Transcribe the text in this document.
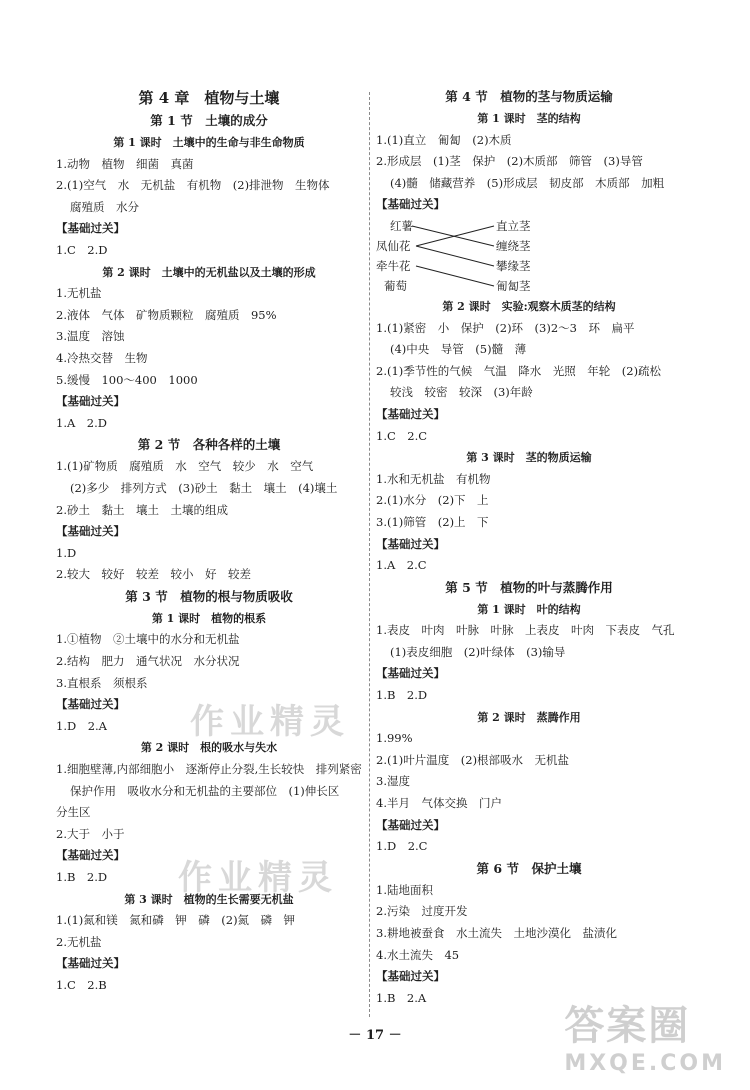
第 4 章　植物与土壤
第 1 节　土壤的成分
第 1 课时　土壤中的生命与非生命物质
1.动物　植物　细菌　真菌
2.(1)空气　水　无机盐　有机物　(2)排泄物　生物体
腐殖质　水分
【基础过关】
1.C　2.D
第 2 课时　土壤中的无机盐以及土壤的形成
1.无机盐
2.液体　气体　矿物质颗粒　腐殖质　95%
3.温度　溶蚀
4.冷热交替　生物
5.缓慢　100～400　1000
【基础过关】
1.A　2.D
第 2 节　各种各样的土壤
1.(1)矿物质　腐殖质　水　空气　较少　水　空气
(2)多少　排列方式　(3)砂土　黏土　壤土　(4)壤土
2.砂土　黏土　壤土　土壤的组成
【基础过关】
1.D
2.较大　较好　较差　较小　好　较差
第 3 节　植物的根与物质吸收
第 1 课时　植物的根系
1.①植物　②土壤中的水分和无机盐
2.结构　肥力　通气状况　水分状况
3.直根系　须根系
【基础过关】
1.D　2.A
第 2 课时　根的吸水与失水
1.细胞壁薄,内部细胞小　逐渐停止分裂,生长较快　排列紧密
保护作用　吸收水分和无机盐的主要部位　(1)伸长区
分生区
2.大于　小于
【基础过关】
1.B　2.D
第 3 课时　植物的生长需要无机盐
1.(1)氮和镁　氮和磷　钾　磷　(2)氮　磷　钾
2.无机盐
【基础过关】
1.C　2.B
第 4 节　植物的茎与物质运输
第 1 课时　茎的结构
1.(1)直立　匍匐　(2)木质
2.形成层　(1)茎　保护　(2)木质部　筛管　(3)导管
(4)髓　储藏营养　(5)形成层　韧皮部　木质部　加粗
【基础过关】
红薯
凤仙花
牵牛花
葡萄
直立茎
缠绕茎
攀缘茎
匍匐茎
第 2 课时　实验:观察木质茎的结构
1.(1)紧密　小　保护　(2)环　(3)2～3　环　扁平
(4)中央　导管　(5)髓　薄
2.(1)季节性的气候　气温　降水　光照　年轮　(2)疏松
较浅　较密　较深　(3)年龄
【基础过关】
1.C　2.C
第 3 课时　茎的物质运输
1.水和无机盐　有机物
2.(1)水分　(2)下　上
3.(1)筛管　(2)上　下
【基础过关】
1.A　2.C
第 5 节　植物的叶与蒸腾作用
第 1 课时　叶的结构
1.表皮　叶肉　叶脉　叶脉　上表皮　叶肉　下表皮　气孔
(1)表皮细胞　(2)叶绿体　(3)输导
【基础过关】
1.B　2.D
第 2 课时　蒸腾作用
1.99%
2.(1)叶片温度　(2)根部吸水　无机盐
3.湿度
4.半月　气体交换　门户
【基础过关】
1.D　2.C
第 6 节　保护土壤
1.陆地面积
2.污染　过度开发
3.耕地被蚕食　水土流失　土地沙漠化　盐渍化
4.水土流失　45
【基础过关】
1.B　2.A
作业精灵
作业精灵
－ 17 －	答案圈
MXQE.COM
